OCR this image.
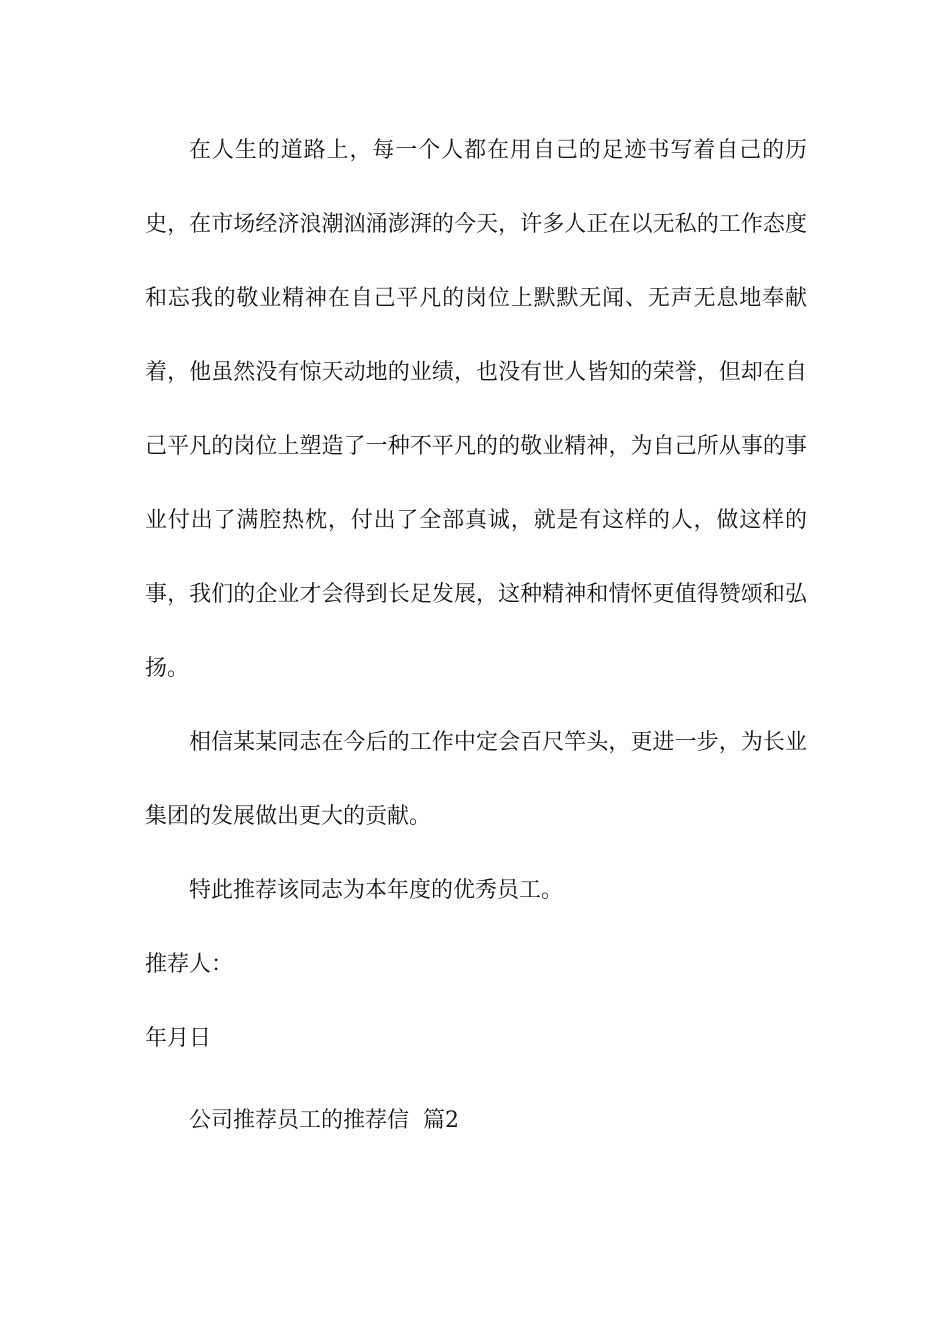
在人生的道路上，每一个人都在用自己的足迹书写着自己的历史，在市场经济浪潮汹涌澎湃的今天，许多人正在以无私的工作态度和忘我的敬业精神在自己平凡的岗位上默默无闻、无声无息地奉献着，他虽然没有惊天动地的业绩，也没有世人皆知的荣誉，但却在自己平凡的岗位上塑造了一种不平凡的的敬业精神，为自己所从事的事业付出了满腔热枕，付出了全部真诚，就是有这样的人，做这样的事，我们的企业才会得到长足发展，这种精神和情怀更值得赞颂和弘扬。

相信某某同志在今后的工作中定会百尺竿头，更进一步，为长业集团的发展做出更大的贡献。

特此推荐该同志为本年度的优秀员工。

推荐人：

年月日

公司推荐员工的推荐信  篇2
